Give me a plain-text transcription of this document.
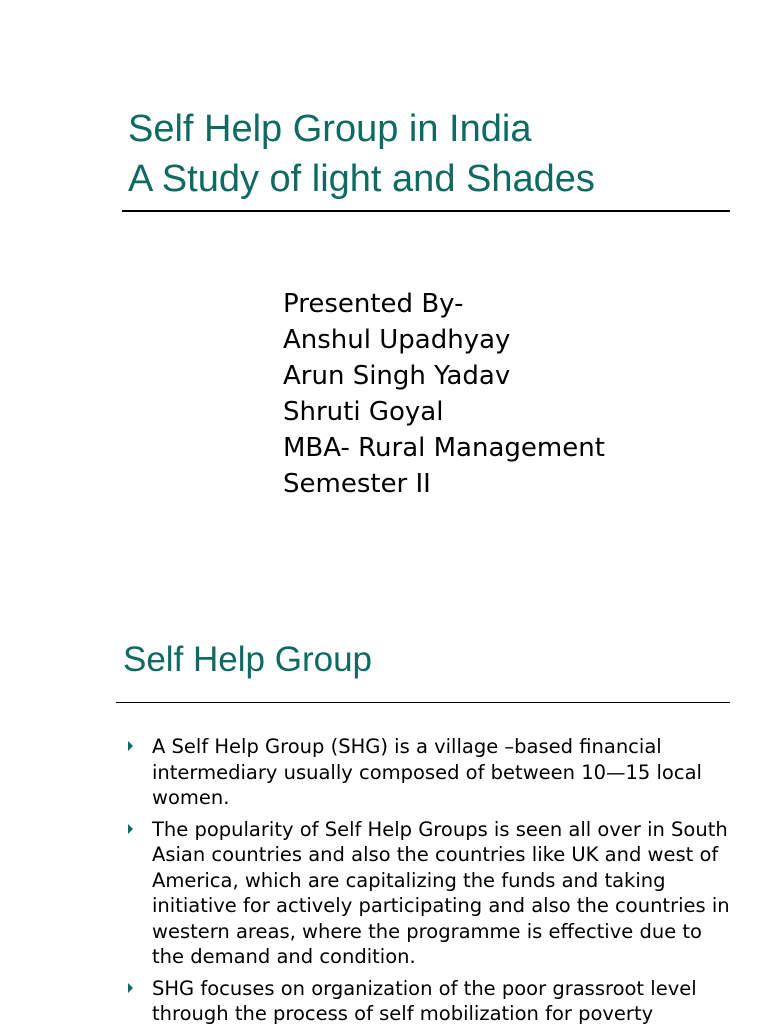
Self Help Group in India
A Study of light and Shades
Presented By-
Anshul Upadhyay
Arun Singh Yadav
Shruti Goyal
MBA- Rural Management
Semester II
Self Help Group
A Self Help Group (SHG) is a village –based financial intermediary usually composed of between 10—15 local women.
The popularity of Self Help Groups is seen all over in South Asian countries and also the countries like UK and west of America, which are capitalizing the funds and taking initiative for actively participating and also the countries in western areas, where the programme is effective due to the demand and condition.
SHG focuses on organization of the poor grassroot level through the process of self mobilization for poverty
